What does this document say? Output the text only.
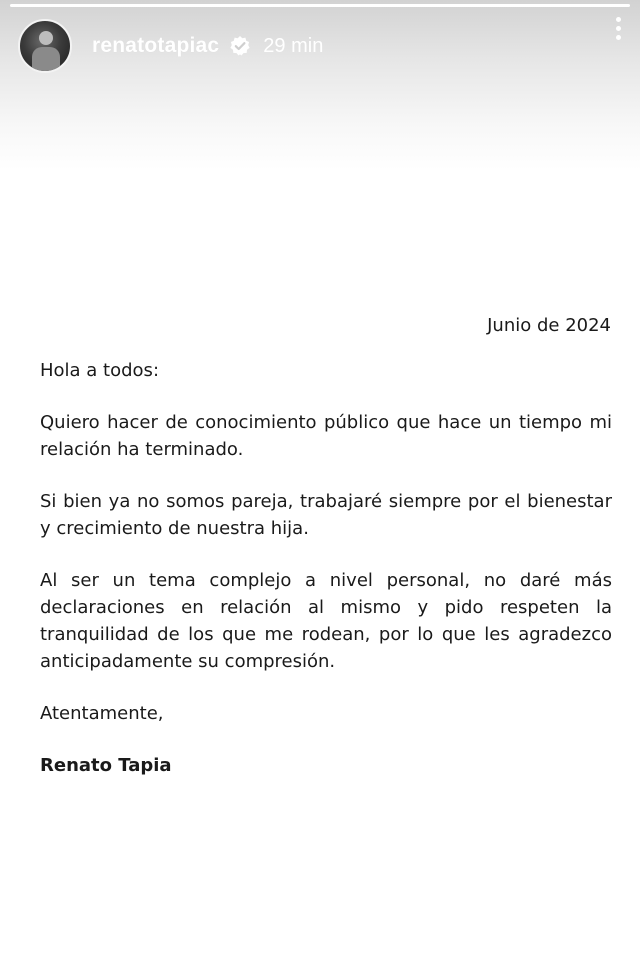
renatotapiac 29 min
Junio de 2024

Hola a todos:

Quiero hacer de conocimiento público que hace un tiempo mi relación ha terminado.

Si bien ya no somos pareja, trabajaré siempre por el bienestar y crecimiento de nuestra hija.

Al ser un tema complejo a nivel personal, no daré más declaraciones en relación al mismo y pido respeten la tranquilidad de los que me rodean, por lo que les agradezco anticipadamente su compresión.

Atentamente,

Renato Tapia
